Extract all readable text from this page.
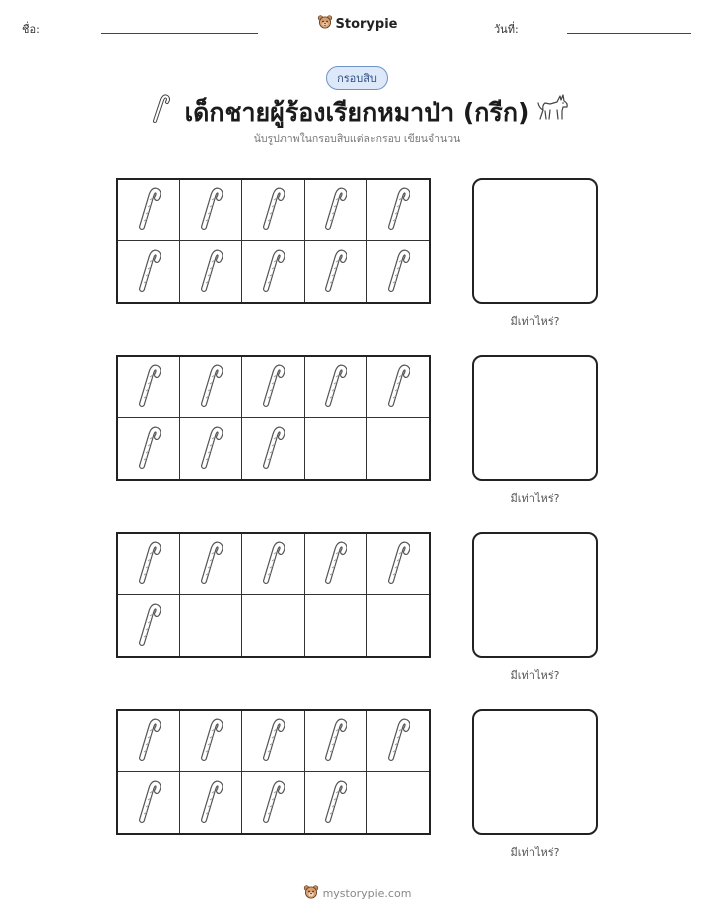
ชื่อ:	Storypie	วันที่:
กรอบสิบ
เด็กชายผู้ร้องเรียกหมาป่า (กรีก)
นับรูปภาพในกรอบสิบแต่ละกรอบ เขียนจำนวน
มีเท่าไหร่?
มีเท่าไหร่?
มีเท่าไหร่?
มีเท่าไหร่?
mystorypie.com
